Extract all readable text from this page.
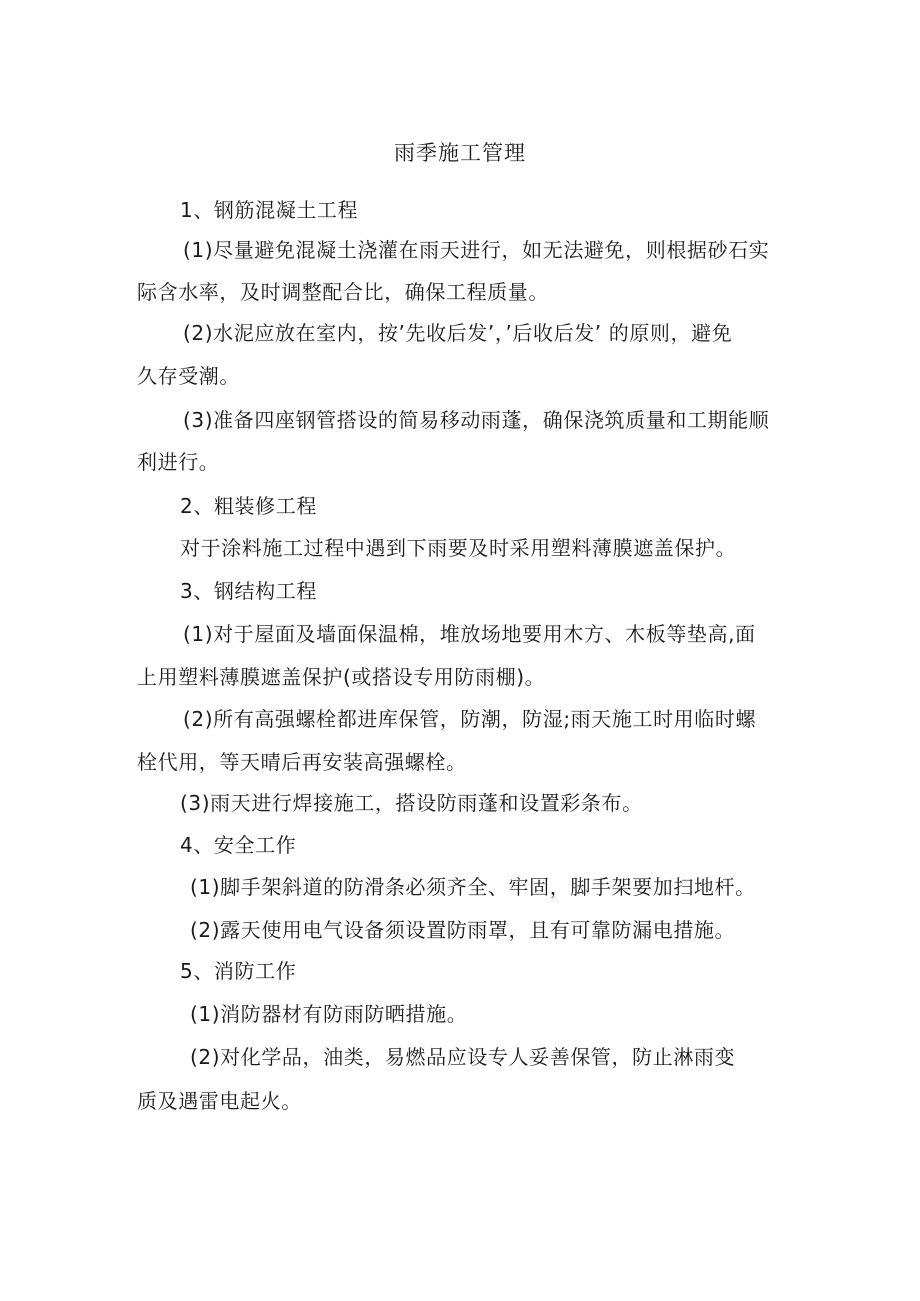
雨季施工管理
1、钢筋混凝土工程
(1)尽量避免混凝土浇灌在雨天进行，如无法避免，则根据砂石实
际含水率，及时调整配合比，确保工程质量。
(2)水泥应放在室内，按’先收后发’，’后收后发’ 的原则，避免
久存受潮。
(3)准备四座钢管搭设的简易移动雨蓬，确保浇筑质量和工期能顺
利进行。
2、粗装修工程
对于涂料施工过程中遇到下雨要及时采用塑料薄膜遮盖保护。
3、钢结构工程
(1)对于屋面及墙面保温棉，堆放场地要用木方、木板等垫高,面
上用塑料薄膜遮盖保护(或搭设专用防雨棚)。
(2)所有高强螺栓都进库保管，防潮，防湿;雨天施工时用临时螺
栓代用，等天晴后再安装高强螺栓。
(3)雨天进行焊接施工，搭设防雨蓬和设置彩条布。
4、安全工作
(1)脚手架斜道的防滑条必须齐全、牢固，脚手架要加扫地杆。
(2)露天使用电气设备须设置防雨罩，且有可靠防漏电措施。
5、消防工作
(1)消防器材有防雨防晒措施。
(2)对化学品，油类，易燃品应设专人妥善保管，防止淋雨变
质及遇雷电起火。
